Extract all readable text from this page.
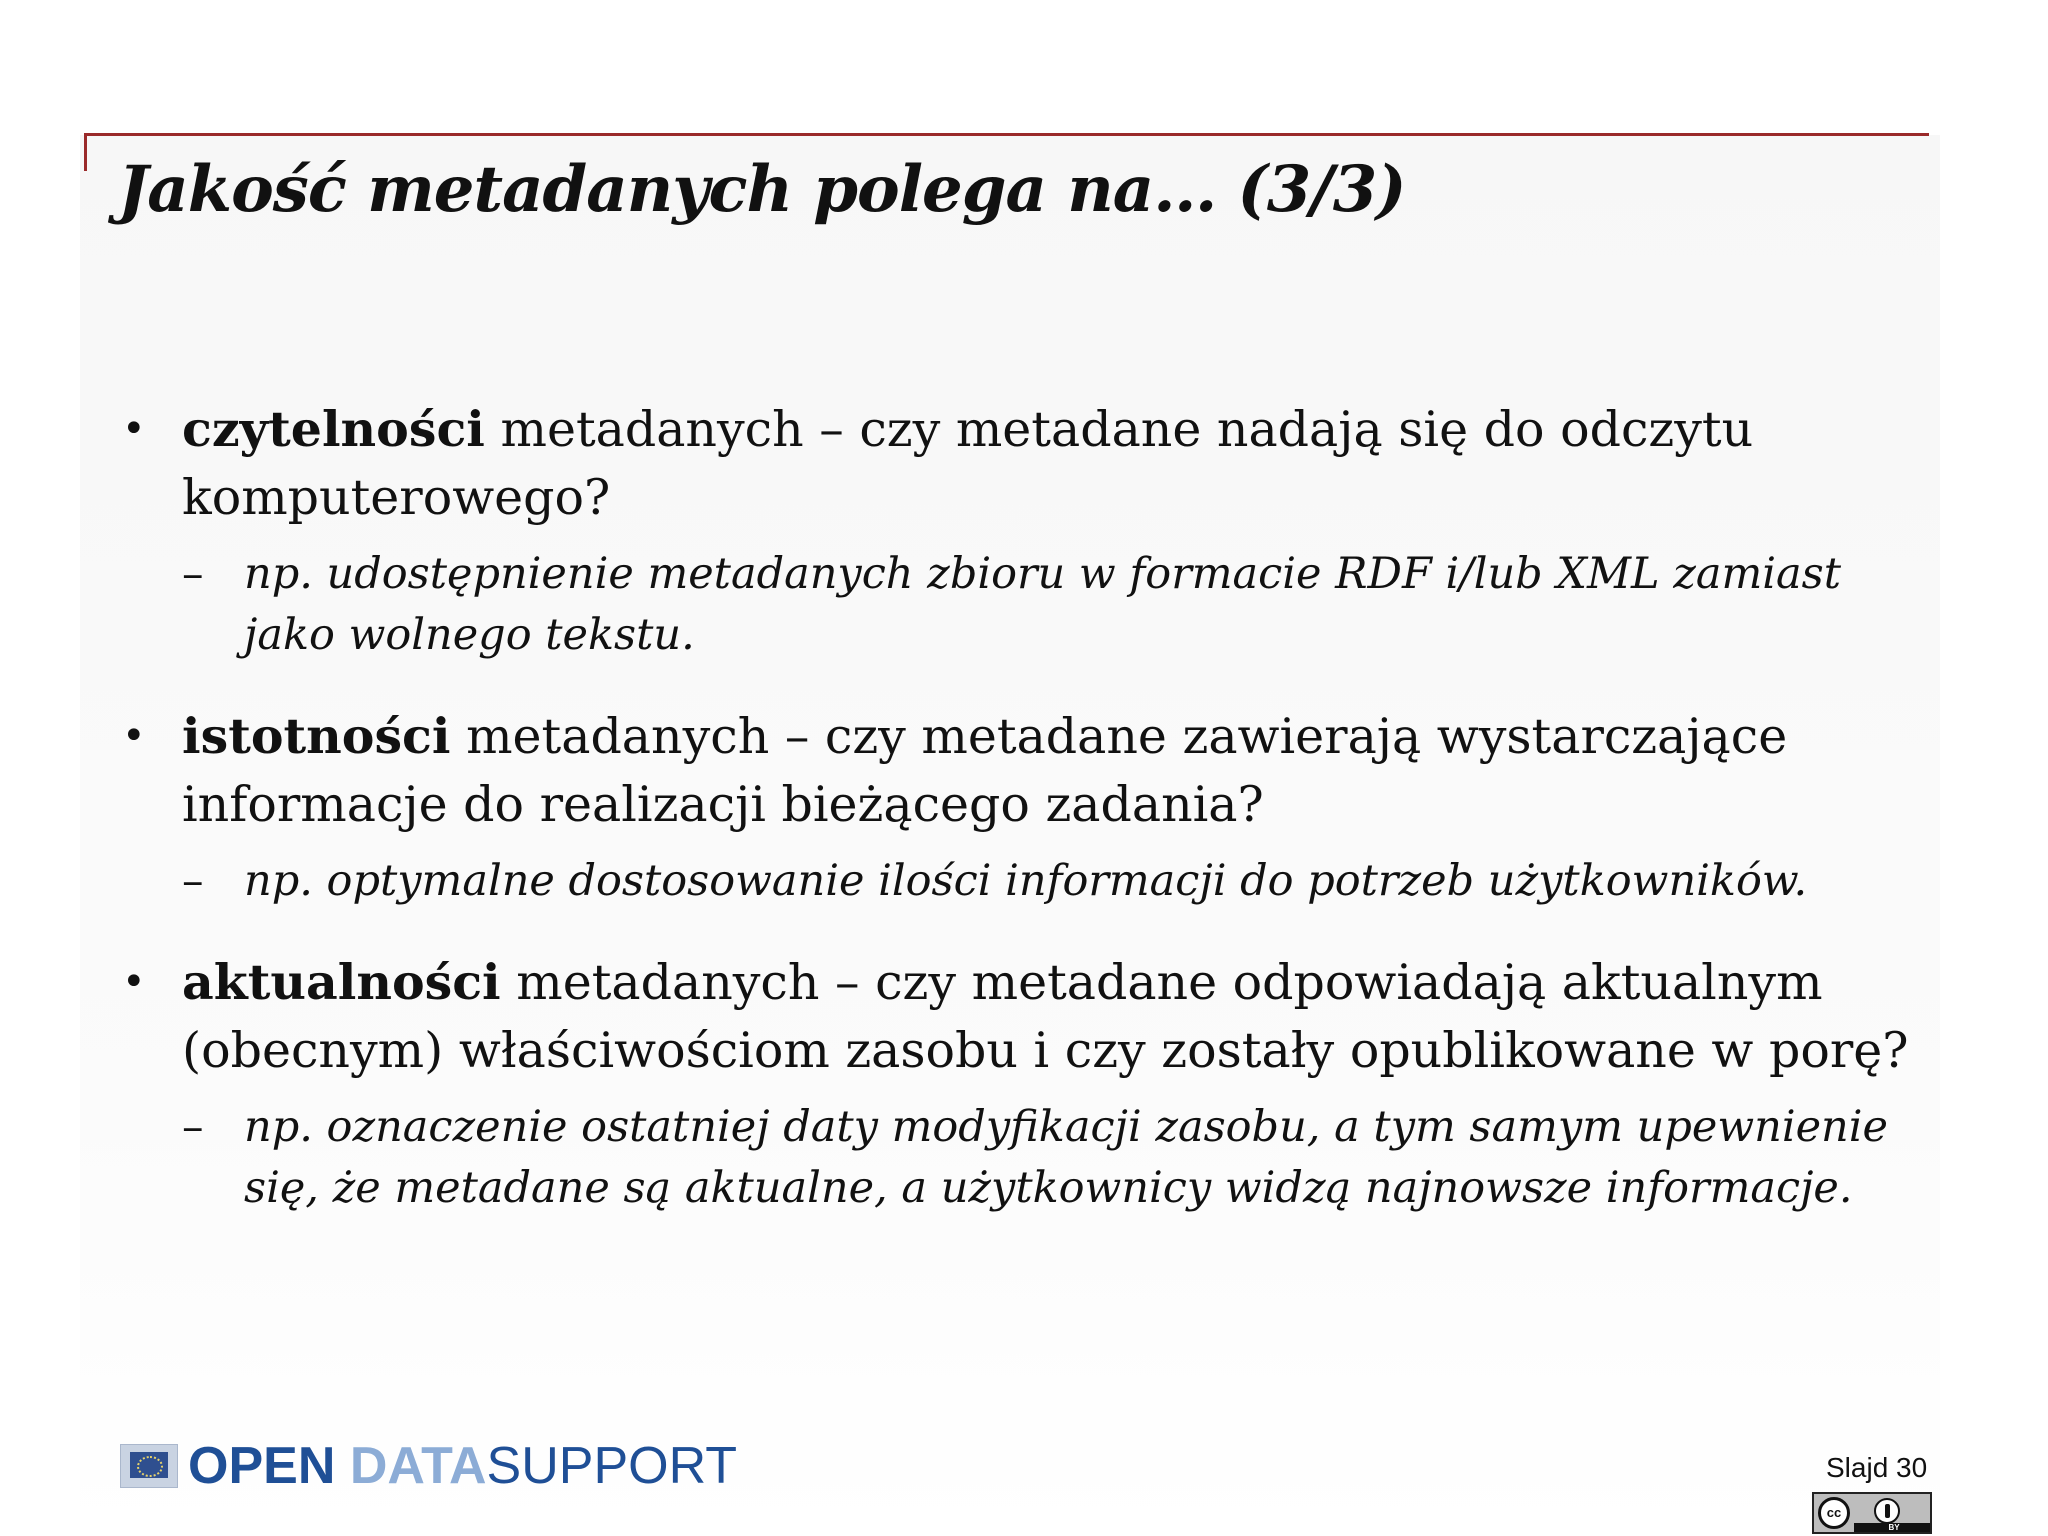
Jakość metadanych polega na… (3/3)
• czytelności metadanych – czy metadane nadają się do odczytu komputerowego?
– np. udostępnienie metadanych zbioru w formacie RDF i/lub XML zamiast jako wolnego tekstu.
• istotności metadanych – czy metadane zawierają wystarczające informacje do realizacji bieżącego zadania?
– np. optymalne dostosowanie ilości informacji do potrzeb użytkowników.
• aktualności metadanych – czy metadane odpowiadają aktualnym (obecnym) właściwościom zasobu i czy zostały opublikowane w porę?
– np. oznaczenie ostatniej daty modyfikacji zasobu, a tym samym upewnienie się, że metadane są aktualne, a użytkownicy widzą najnowsze informacje.
OPEN DATASUPPORT	Slajd 30
cc
BY
